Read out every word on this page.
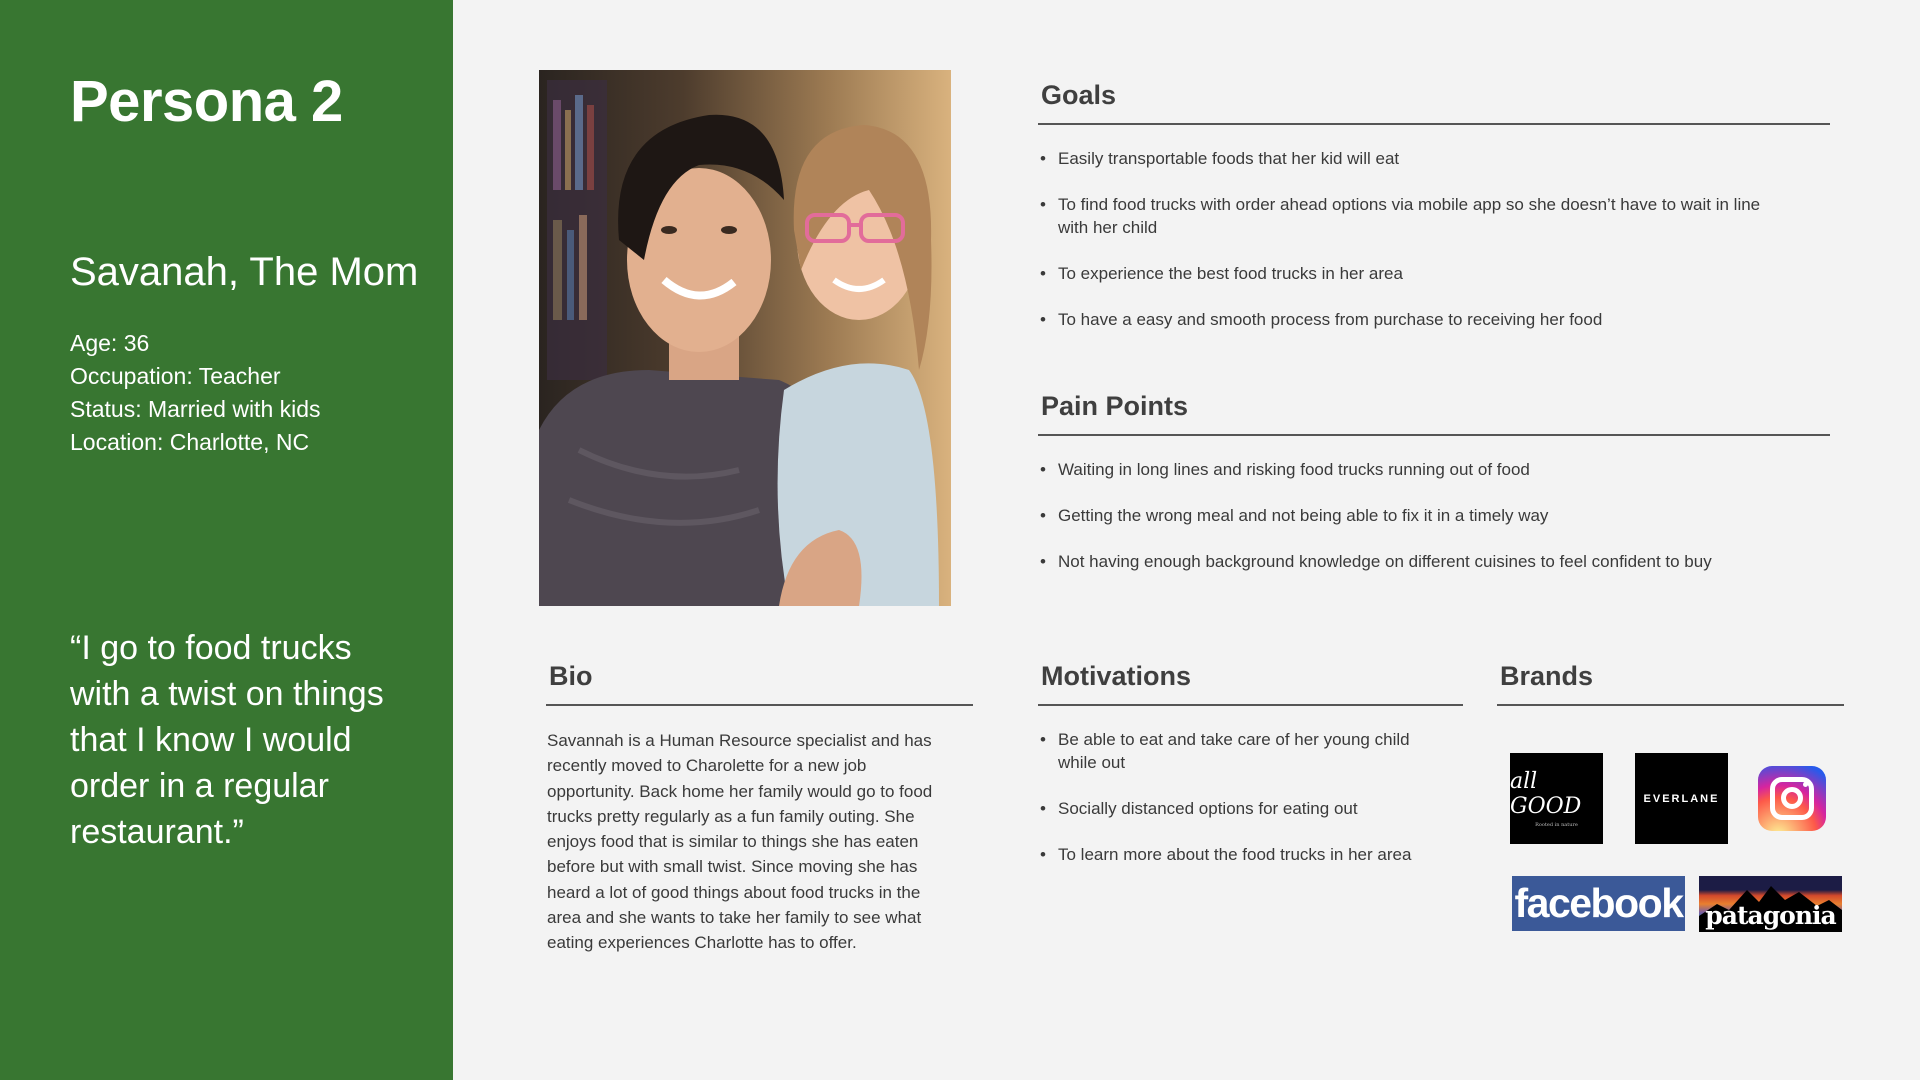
Persona 2
Savanah, The Mom
Age: 36
Occupation: Teacher
Status: Married with kids
Location: Charlotte, NC
“I go to food trucks with a twist on things that I know I would order in a regular restaurant.”
Goals
• Easily transportable foods that her kid will eat
• To find food trucks with order ahead options via mobile app so she doesn’t have to wait in line with her child
• To experience the best food trucks in her area
• To have a easy and smooth process from purchase to receiving her food
Pain Points
• Waiting in long lines and risking food trucks running out of food
• Getting the wrong meal and not being able to fix it in a timely way
• Not having enough background knowledge on different cuisines to feel confident to buy
Bio

Savannah is a Human Resource specialist and has recently moved to Charolette for a new job opportunity. Back home her family would go to food trucks pretty regularly as a fun family outing. She enjoys food that is similar to things she has eaten before but with small twist. Since moving she has heard a lot of good things about food trucks in the area and she wants to take her family to see what eating experiences Charlotte has to offer.

Motivations
• Be able to eat and take care of her young child while out
• Socially distanced options for eating out
• To learn more about the food trucks in her area
Brands
all GOOD
Rooted in nature
EVERLANE
facebook patagonia
